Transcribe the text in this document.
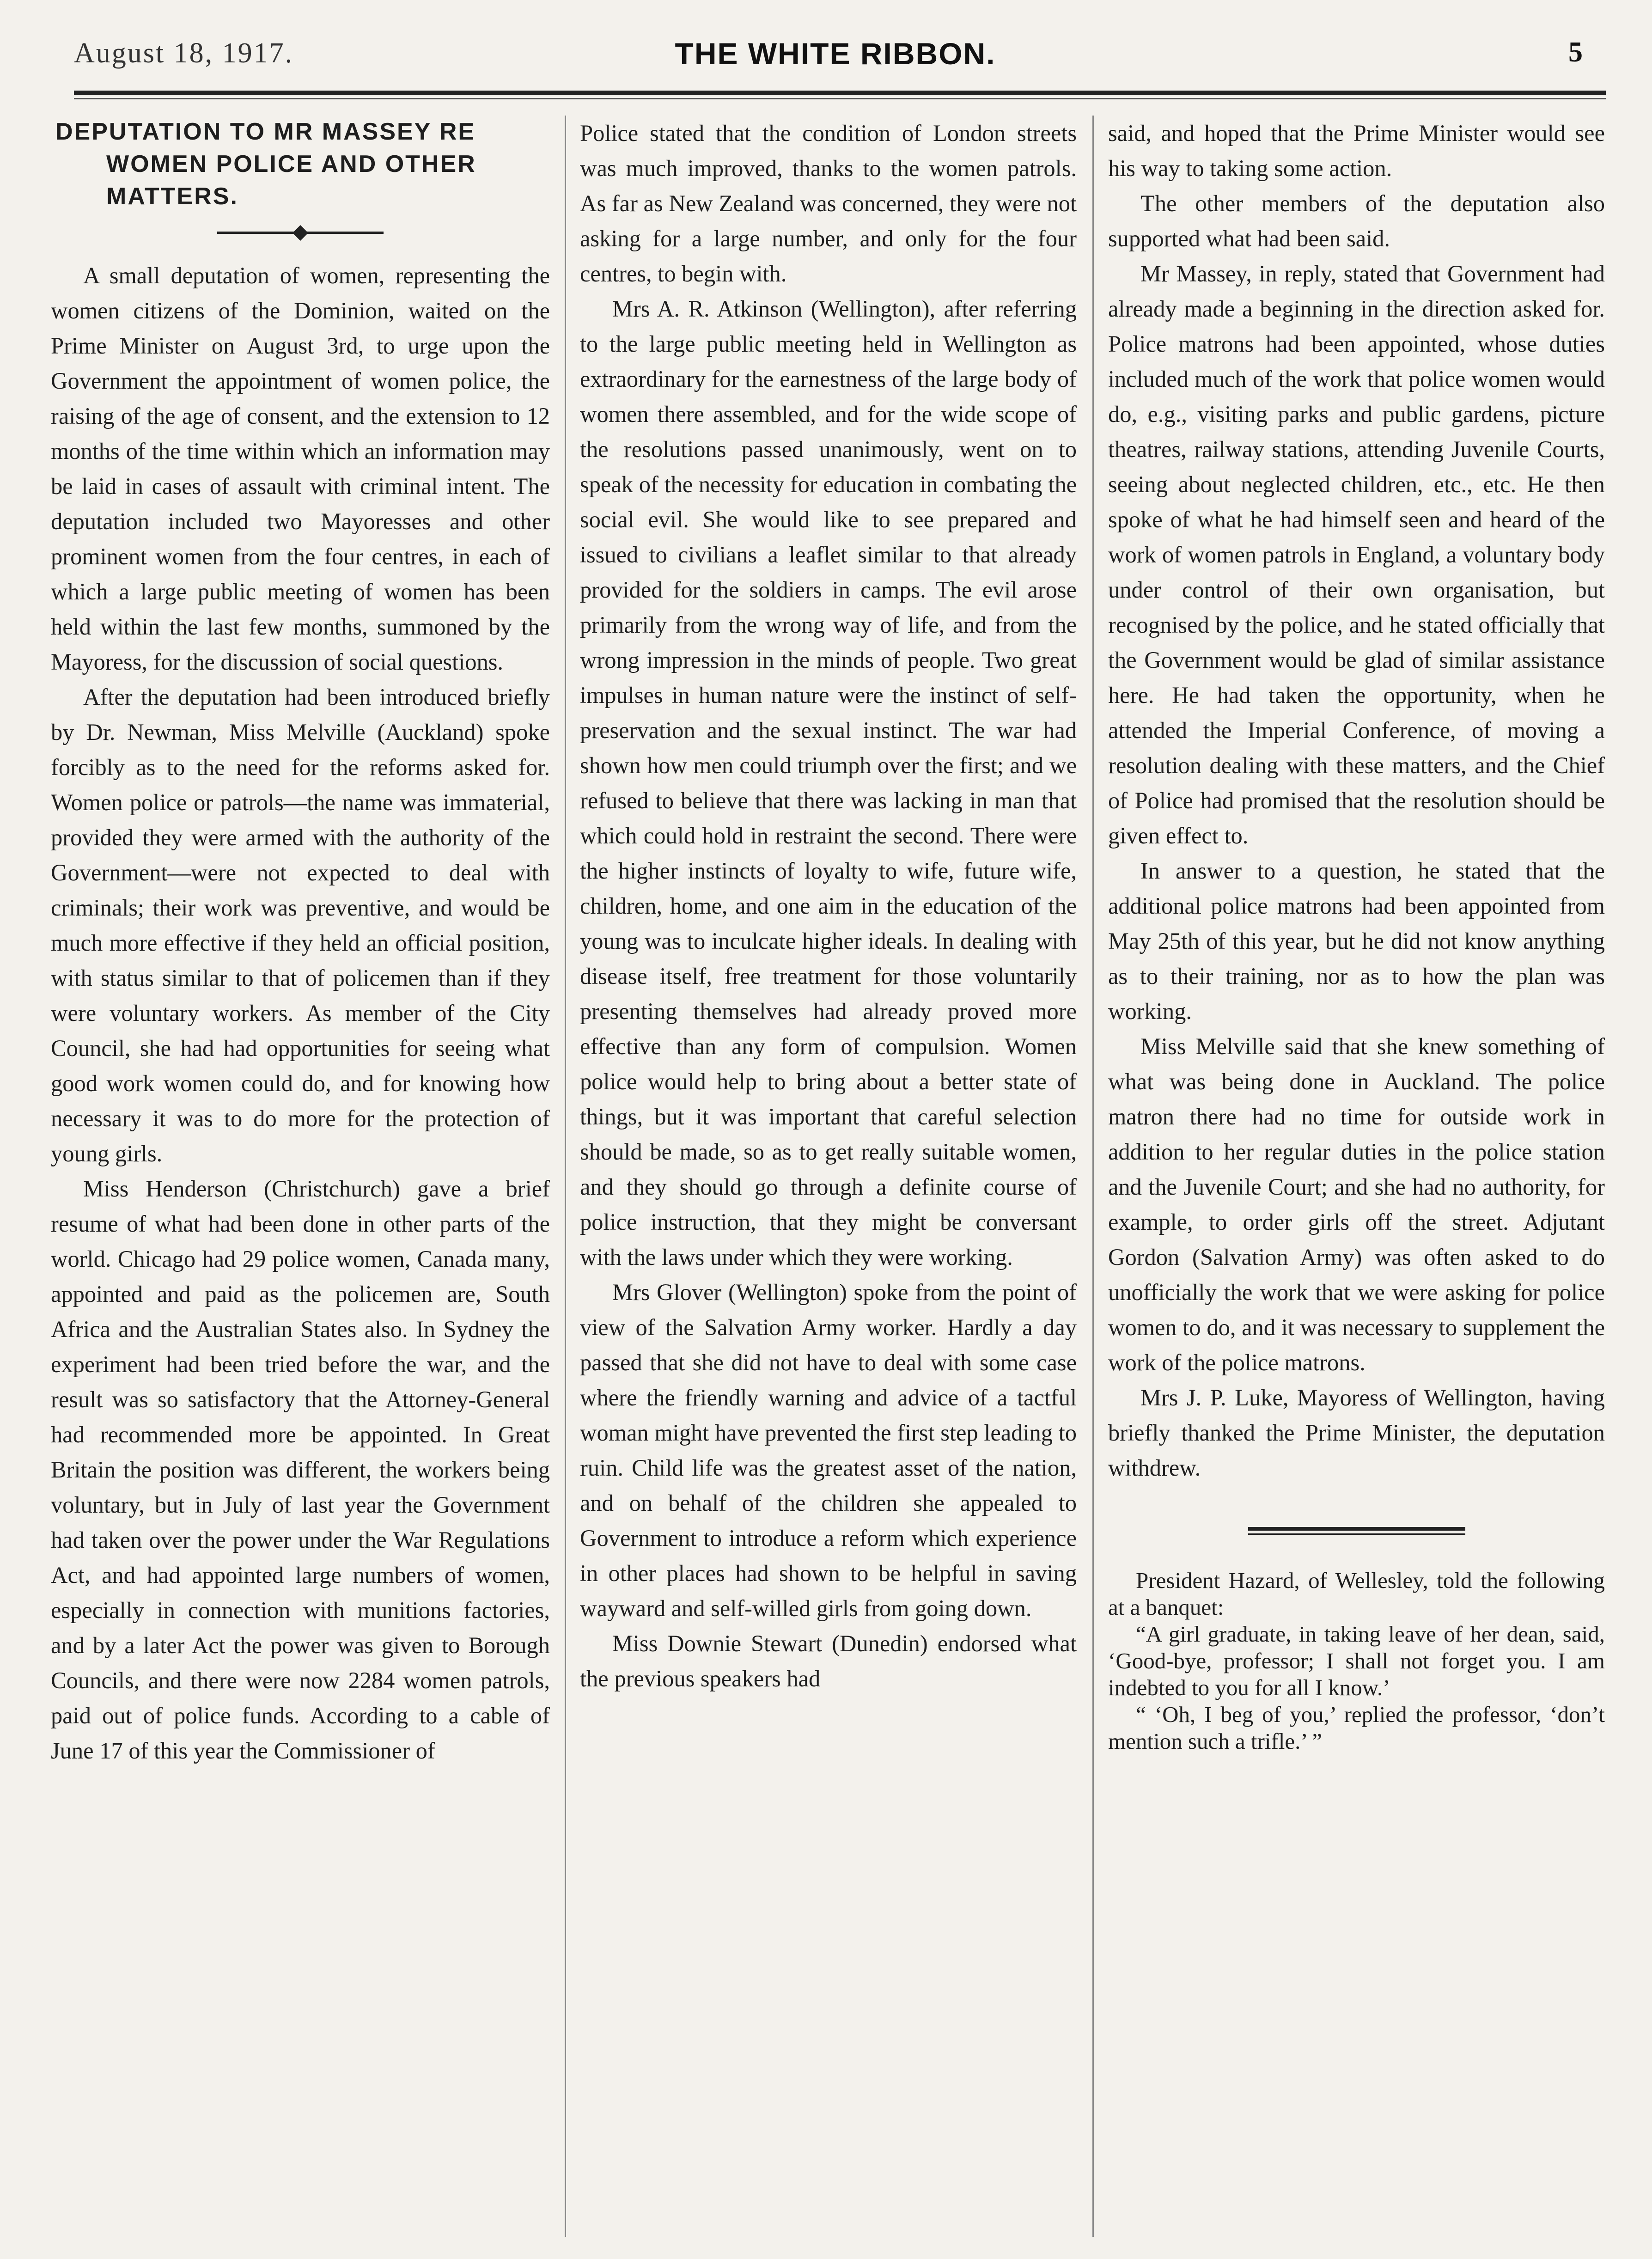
August 18, 1917.	THE WHITE RIBBON.	5
DEPUTATION TO MR MASSEY RE
WOMEN POLICE AND OTHER
MATTERS.

A small deputation of women, representing the women citizens of the Dominion, waited on the Prime Minister on August 3rd, to urge upon the Government the appointment of women police, the raising of the age of consent, and the extension to 12 months of the time within which an information may be laid in cases of assault with criminal intent. The deputation included two Mayoresses and other prominent women from the four centres, in each of which a large public meeting of women has been held within the last few months, summoned by the Mayoress, for the discussion of social questions.

After the deputation had been introduced briefly by Dr. Newman, Miss Melville (Auckland) spoke forcibly as to the need for the reforms asked for. Women police or patrols—the name was immaterial, provided they were armed with the authority of the Government—were not expected to deal with criminals; their work was preventive, and would be much more effective if they held an official position, with status similar to that of policemen than if they were voluntary workers. As member of the City Council, she had had opportunities for seeing what good work women could do, and for knowing how necessary it was to do more for the protection of young girls.

Miss Henderson (Christchurch) gave a brief resume of what had been done in other parts of the world. Chicago had 29 police women, Canada many, appointed and paid as the policemen are, South Africa and the Australian States also. In Sydney the experiment had been tried before the war, and the result was so satisfactory that the Attorney-General had recommended more be appointed. In Great Britain the position was different, the workers being voluntary, but in July of last year the Government had taken over the power under the War Regulations Act, and had appointed large numbers of women, especially in connection with munitions factories, and by a later Act the power was given to Borough Councils, and there were now 2284 women patrols, paid out of police funds. According to a cable of June 17 of this year the Commissioner of

Police stated that the condition of London streets was much improved, thanks to the women patrols. As far as New Zealand was concerned, they were not asking for a large number, and only for the four centres, to begin with.

Mrs A. R. Atkinson (Wellington), after referring to the large public meeting held in Wellington as extraordinary for the earnestness of the large body of women there assembled, and for the wide scope of the resolutions passed unanimously, went on to speak of the necessity for education in combating the social evil. She would like to see prepared and issued to civilians a leaflet similar to that already provided for the soldiers in camps. The evil arose primarily from the wrong way of life, and from the wrong impression in the minds of people. Two great impulses in human nature were the instinct of self-preservation and the sexual instinct. The war had shown how men could triumph over the first; and we refused to believe that there was lacking in man that which could hold in restraint the second. There were the higher instincts of loyalty to wife, future wife, children, home, and one aim in the education of the young was to inculcate higher ideals. In dealing with disease itself, free treatment for those voluntarily presenting themselves had already proved more effective than any form of compulsion. Women police would help to bring about a better state of things, but it was important that careful selection should be made, so as to get really suitable women, and they should go through a definite course of police instruction, that they might be conversant with the laws under which they were working.

Mrs Glover (Wellington) spoke from the point of view of the Salvation Army worker. Hardly a day passed that she did not have to deal with some case where the friendly warning and advice of a tactful woman might have prevented the first step leading to ruin. Child life was the greatest asset of the nation, and on behalf of the children she appealed to Government to introduce a reform which experience in other places had shown to be helpful in saving wayward and self-willed girls from going down.

Miss Downie Stewart (Dunedin) endorsed what the previous speakers had

said, and hoped that the Prime Minister would see his way to taking some action.

The other members of the deputation also supported what had been said.

Mr Massey, in reply, stated that Government had already made a beginning in the direction asked for. Police matrons had been appointed, whose duties included much of the work that police women would do, e.g., visiting parks and public gardens, picture theatres, railway stations, attending Juvenile Courts, seeing about neglected children, etc., etc. He then spoke of what he had himself seen and heard of the work of women patrols in England, a voluntary body under control of their own organisation, but recognised by the police, and he stated officially that the Government would be glad of similar assistance here. He had taken the opportunity, when he attended the Imperial Conference, of moving a resolution dealing with these matters, and the Chief of Police had promised that the resolution should be given effect to.

In answer to a question, he stated that the additional police matrons had been appointed from May 25th of this year, but he did not know anything as to their training, nor as to how the plan was working.

Miss Melville said that she knew something of what was being done in Auckland. The police matron there had no time for outside work in addition to her regular duties in the police station and the Juvenile Court; and she had no authority, for example, to order girls off the street. Adjutant Gordon (Salvation Army) was often asked to do unofficially the work that we were asking for police women to do, and it was necessary to supplement the work of the police matrons.

Mrs J. P. Luke, Mayoress of Wellington, having briefly thanked the Prime Minister, the deputation withdrew.

President Hazard, of Wellesley, told the following at a banquet:

“A girl graduate, in taking leave of her dean, said, ‘Good-bye, professor; I shall not forget you. I am indebted to you for all I know.’

“ ‘Oh, I beg of you,’ replied the professor, ‘don’t mention such a trifle.’ ”
